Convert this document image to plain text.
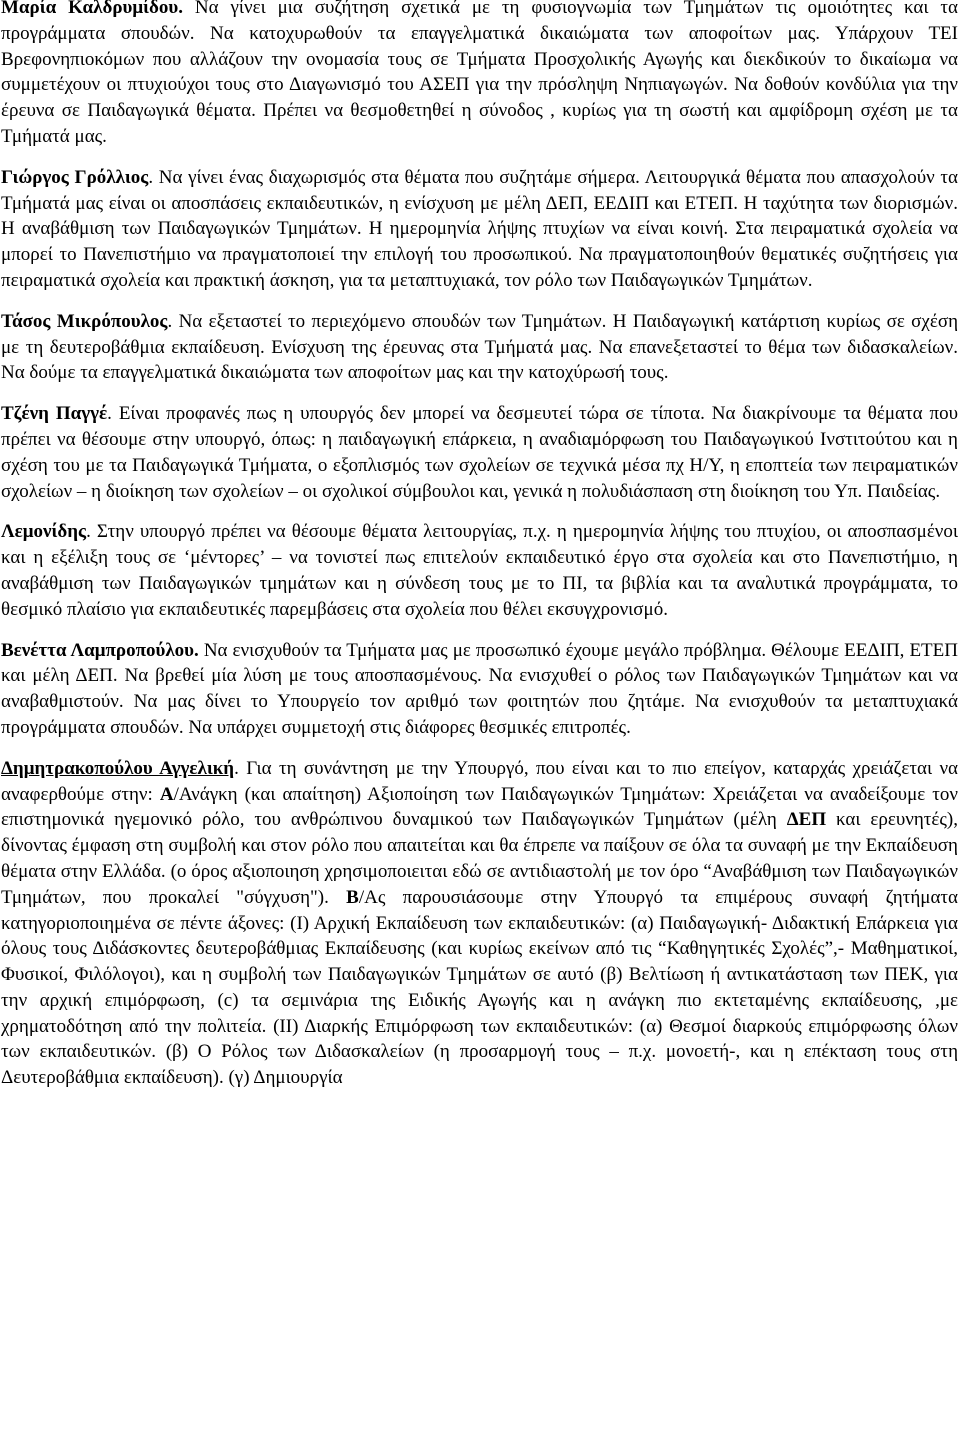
Μαρία Καλδρυμίδου. Να γίνει μια συζήτηση σχετικά με τη φυσιογνωμία των Τμημάτων τις ομοιότητες και τα προγράμματα σπουδών. Να κατοχυρωθούν τα επαγγελματικά δικαιώματα των αποφοίτων μας. Υπάρχουν ΤΕΙ Βρεφονηπιοκόμων που αλλάζουν την ονομασία τους σε Τμήματα Προσχολικής Αγωγής και διεκδικούν το δικαίωμα να συμμετέχουν οι πτυχιούχοι τους στο Διαγωνισμό του ΑΣΕΠ για την πρόσληψη Νηπιαγωγών. Να δοθούν κονδύλια για την έρευνα σε Παιδαγωγικά θέματα. Πρέπει να θεσμοθετηθεί η σύνοδος , κυρίως για τη σωστή και αμφίδρομη σχέση με τα Τμήματά μας.

Γιώργος Γρόλλιος. Να γίνει ένας διαχωρισμός στα θέματα που συζητάμε σήμερα. Λειτουργικά θέματα που απασχολούν τα Τμήματά μας είναι οι αποσπάσεις εκπαιδευτικών, η ενίσχυση με μέλη ΔΕΠ, ΕΕΔΙΠ και ΕΤΕΠ. Η ταχύτητα των διορισμών. Η αναβάθμιση των Παιδαγωγικών Τμημάτων. Η ημερομηνία λήψης πτυχίων να είναι κοινή. Στα πειραματικά σχολεία να μπορεί το Πανεπιστήμιο να πραγματοποιεί την επιλογή του προσωπικού. Να πραγματοποιηθούν θεματικές συζητήσεις για πειραματικά σχολεία και πρακτική άσκηση, για τα μεταπτυχιακά, τον ρόλο των Παιδαγωγικών Τμημάτων.

Τάσος Μικρόπουλος. Να εξεταστεί το περιεχόμενο σπουδών των Τμημάτων. Η Παιδαγωγική κατάρτιση κυρίως σε σχέση με τη δευτεροβάθμια εκπαίδευση. Ενίσχυση της έρευνας στα Τμήματά μας. Να επανεξεταστεί το θέμα των διδασκαλείων. Να δούμε τα επαγγελματικά δικαιώματα των αποφοίτων μας και την κατοχύρωσή τους.

Τζένη Παγγέ. Είναι προφανές πως η υπουργός δεν μπορεί να δεσμευτεί τώρα σε τίποτα. Να διακρίνουμε τα θέματα που πρέπει να θέσουμε στην υπουργό, όπως: η παιδαγωγική επάρκεια, η αναδιαμόρφωση του Παιδαγωγικού Ινστιτούτου και η σχέση του με τα Παιδαγωγικά Τμήματα, ο εξοπλισμός των σχολείων σε τεχνικά μέσα πχ Η/Υ, η εποπτεία των πειραματικών σχολείων – η διοίκηση των σχολείων – οι σχολικοί σύμβουλοι και, γενικά η πολυδιάσπαση στη διοίκηση του Υπ. Παιδείας.

Λεμονίδης. Στην υπουργό πρέπει να θέσουμε θέματα λειτουργίας, π.χ. η ημερομηνία λήψης του πτυχίου, οι αποσπασμένοι και η εξέλιξη τους σε ‘μέντορες’ – να τονιστεί πως επιτελούν εκπαιδευτικό έργο στα σχολεία και στο Πανεπιστήμιο, η αναβάθμιση των Παιδαγωγικών τμημάτων και η σύνδεση τους με το ΠΙ, τα βιβλία και τα αναλυτικά προγράμματα, το θεσμικό πλαίσιο για εκπαιδευτικές παρεμβάσεις στα σχολεία που θέλει εκσυγχρονισμό.

Βενέττα Λαμπροπούλου. Να ενισχυθούν τα Τμήματα μας με προσωπικό έχουμε μεγάλο πρόβλημα. Θέλουμε ΕΕΔΙΠ, ΕΤΕΠ και μέλη ΔΕΠ. Να βρεθεί μία λύση με τους αποσπασμένους. Να ενισχυθεί ο ρόλος των Παιδαγωγικών Τμημάτων και να αναβαθμιστούν. Να μας δίνει το Υπουργείο τον αριθμό των φοιτητών που ζητάμε. Να ενισχυθούν τα μεταπτυχιακά προγράμματα σπουδών. Να υπάρχει συμμετοχή στις διάφορες θεσμικές επιτροπές.

Δημητρακοπούλου Αγγελική. Για τη συνάντηση με την Υπουργό, που είναι και το πιο επείγον, καταρχάς χρειάζεται να αναφερθούμε στην: Α/Ανάγκη (και απαίτηση) Αξιοποίηση των Παιδαγωγικών Τμημάτων: Χρειάζεται να αναδείξουμε τον επιστημονικά ηγεμονικό ρόλο, του ανθρώπινου δυναμικού των Παιδαγωγικών Τμημάτων (μέλη ΔΕΠ και ερευνητές), δίνοντας έμφαση στη συμβολή και στον ρόλο που απαιτείται και θα έπρεπε να παίξουν σε όλα τα συναφή με την Εκπαίδευση θέματα στην Ελλάδα. (ο όρος αξιοποιηση χρησιμοποιειται εδώ σε αντιδιαστολή με τον όρο “Αναβάθμιση των Παιδαγωγικών Τμημάτων, που προκαλεί "σύγχυση"). Β/Ας παρουσιάσουμε στην Υπουργό τα επιμέρους συναφή ζητήματα κατηγοριοποιημένα σε πέντε άξονες: (Ι) Αρχική Εκπαίδευση των εκπαιδευτικών: (α) Παιδαγωγική- Διδακτική Επάρκεια για όλους τους Διδάσκοντες δευτεροβάθμιας Εκπαίδευσης (και κυρίως εκείνων από τις “Καθηγητικές Σχολές”,- Μαθηματικοί, Φυσικοί, Φιλόλογοι), και η συμβολή των Παιδαγωγικών Τμημάτων σε αυτό (β) Βελτίωση ή αντικατάσταση των ΠΕΚ, για την αρχική επιμόρφωση, (c) τα σεμινάρια της Ειδικής Αγωγής και η ανάγκη πιο εκτεταμένης εκπαίδευσης, ,με χρηματοδότηση από την πολιτεία. (ΙΙ) Διαρκής Επιμόρφωση των εκπαιδευτικών: (α) Θεσμοί διαρκούς επιμόρφωσης όλων των εκπαιδευτικών. (β) Ο Ρόλος των Διδασκαλείων (η προσαρμογή τους – π.χ. μονοετή-, και η επέκταση τους στη Δευτεροβάθμια εκπαίδευση). (γ) Δημιουργία
